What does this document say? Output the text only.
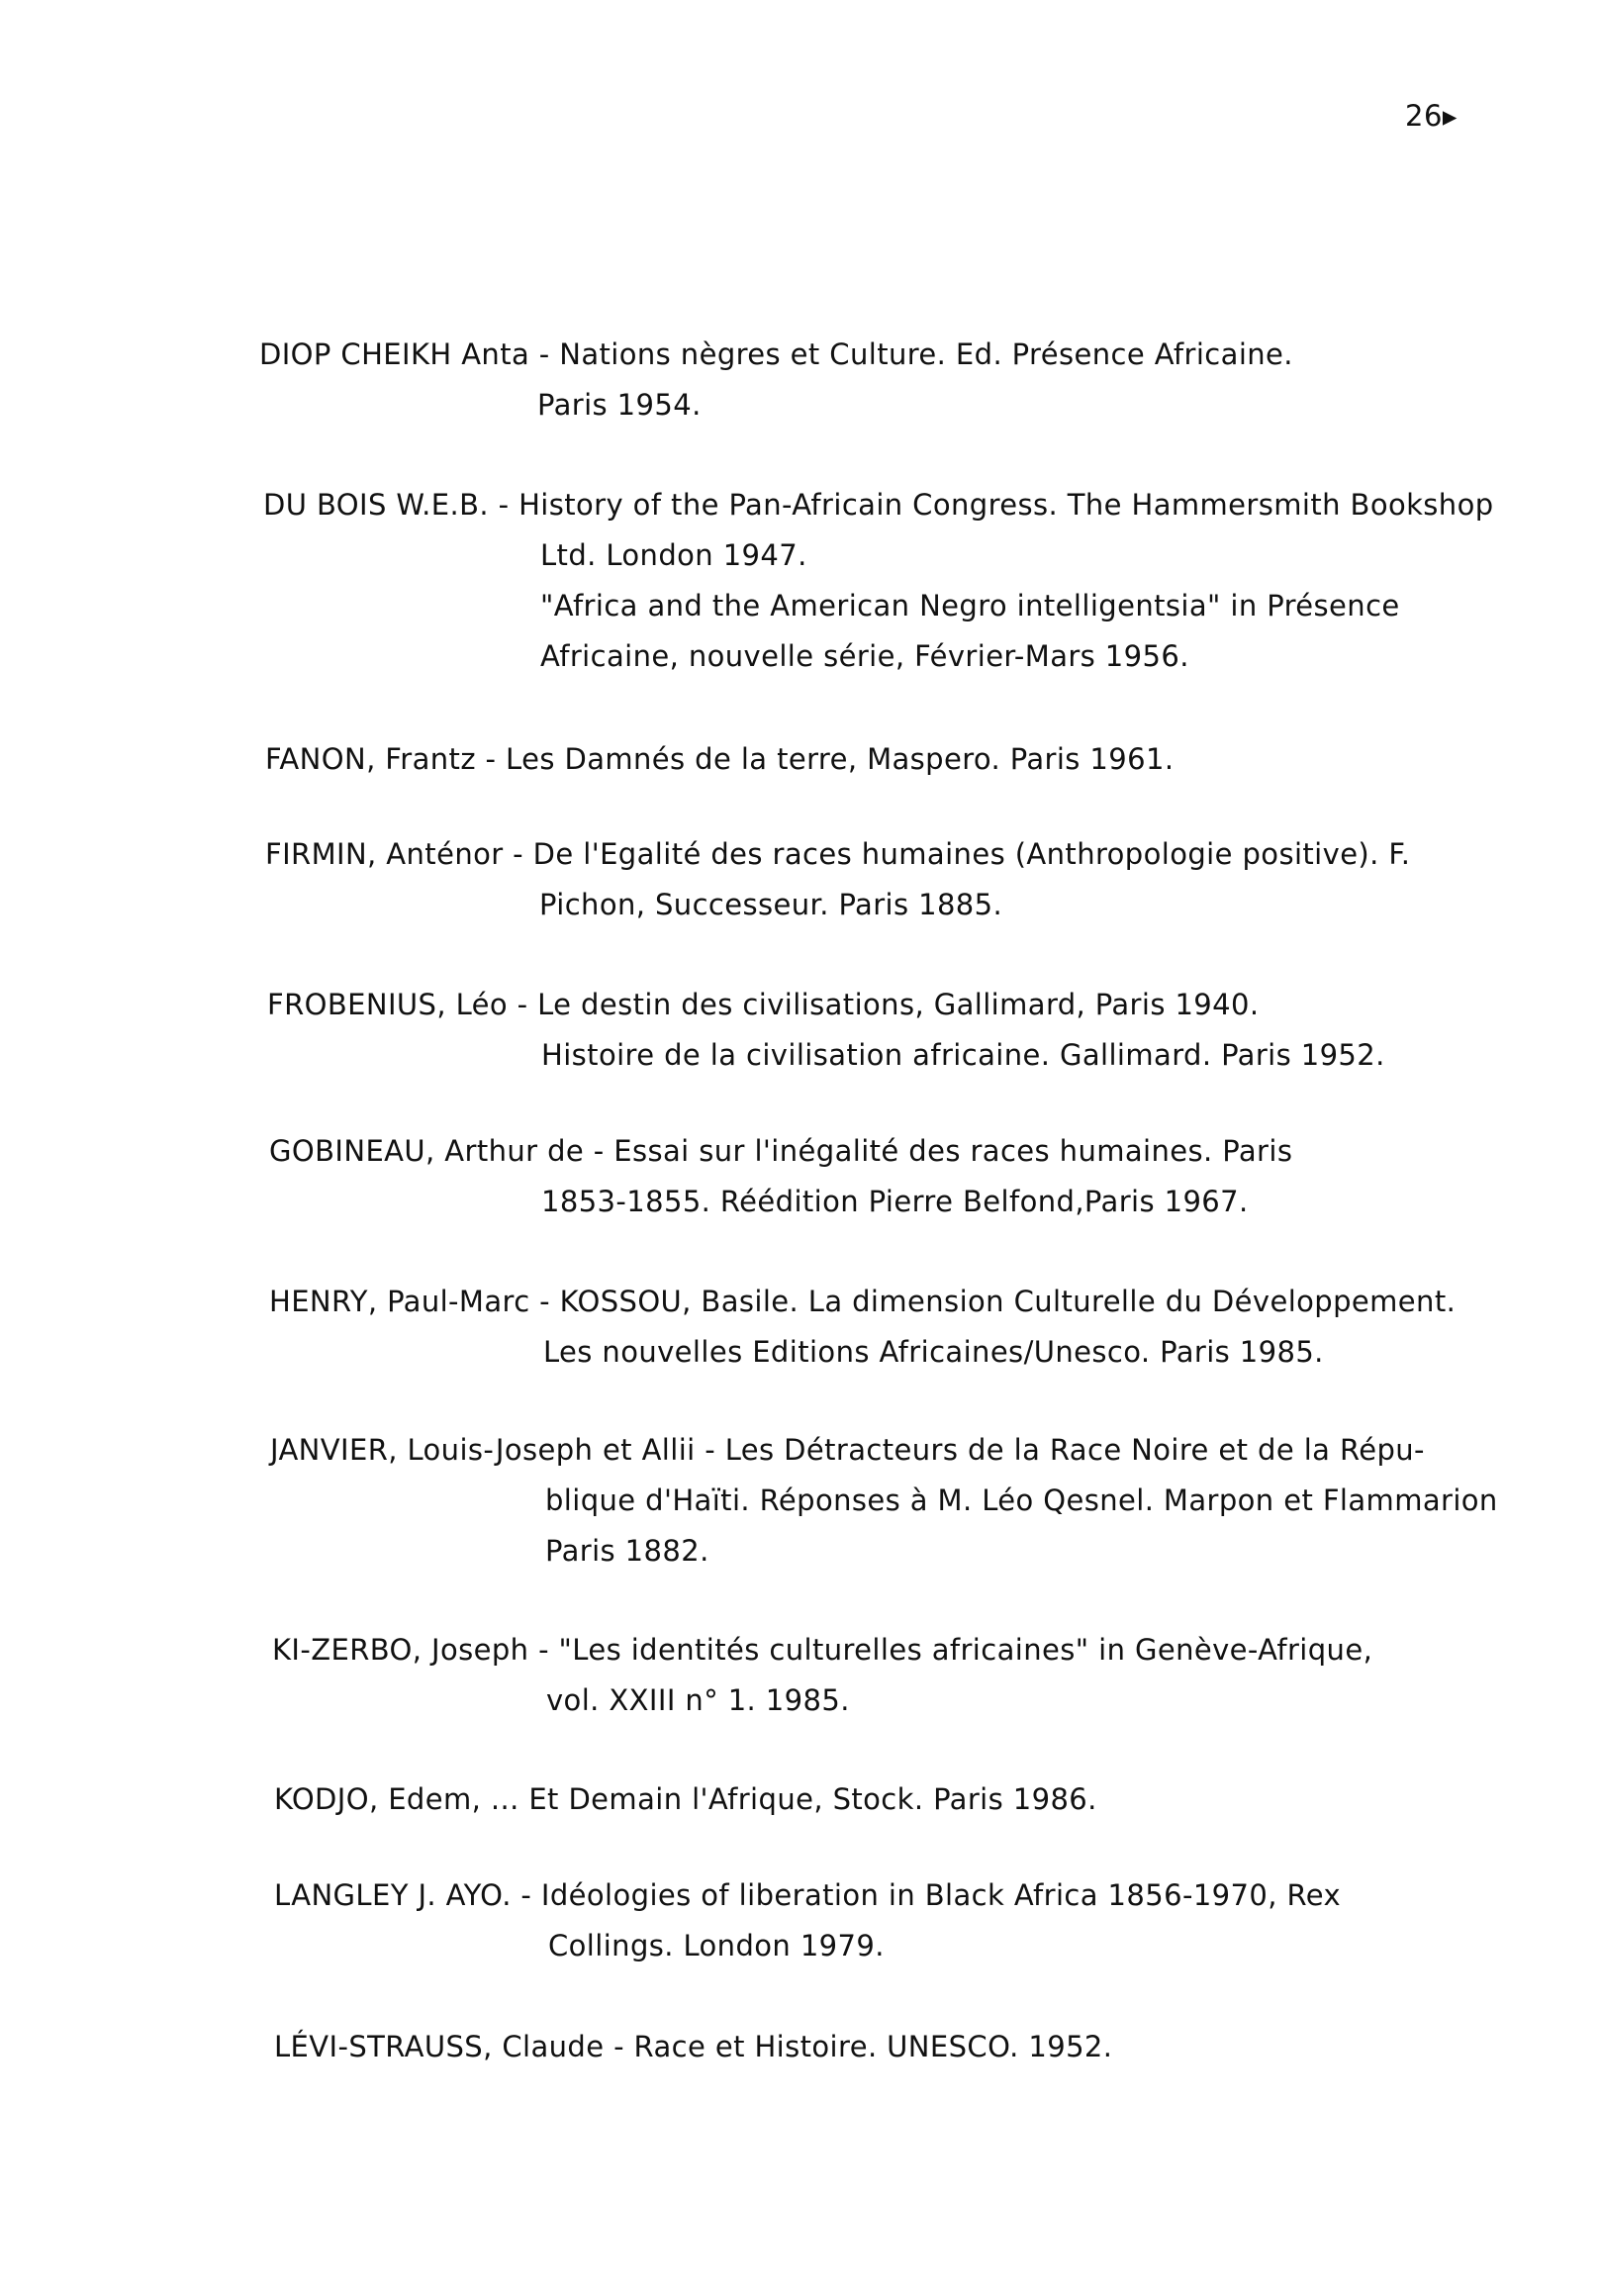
26▸
DIOP CHEIKH Anta - Nations nègres et Culture. Ed. Présence Africaine.
Paris 1954.
DU BOIS W.E.B. - History of the Pan-Africain Congress. The Hammersmith Bookshop
Ltd. London 1947.
"Africa and the American Negro intelligentsia" in Présence
Africaine, nouvelle série, Février-Mars 1956.
FANON, Frantz - Les Damnés de la terre, Maspero. Paris 1961.
FIRMIN, Anténor - De l'Egalité des races humaines (Anthropologie positive). F.
Pichon, Successeur. Paris 1885.
FROBENIUS, Léo - Le destin des civilisations, Gallimard, Paris 1940.
Histoire de la civilisation africaine. Gallimard. Paris 1952.
GOBINEAU, Arthur de - Essai sur l'inégalité des races humaines. Paris
1853-1855. Réédition Pierre Belfond,Paris 1967.
HENRY, Paul-Marc - KOSSOU, Basile. La dimension Culturelle du Développement.
Les nouvelles Editions Africaines/Unesco. Paris 1985.
JANVIER, Louis-Joseph et Allii - Les Détracteurs de la Race Noire et de la Répu-
blique d'Haïti. Réponses à M. Léo Qesnel. Marpon et Flammarion
Paris 1882.
KI-ZERBO, Joseph - "Les identités culturelles africaines" in Genève-Afrique,
vol. XXIII n° 1. 1985.
KODJO, Edem, ... Et Demain l'Afrique, Stock. Paris 1986.
LANGLEY J. AYO. - Idéologies of liberation in Black Africa 1856-1970, Rex
Collings. London 1979.
LÉVI-STRAUSS, Claude - Race et Histoire. UNESCO. 1952.
